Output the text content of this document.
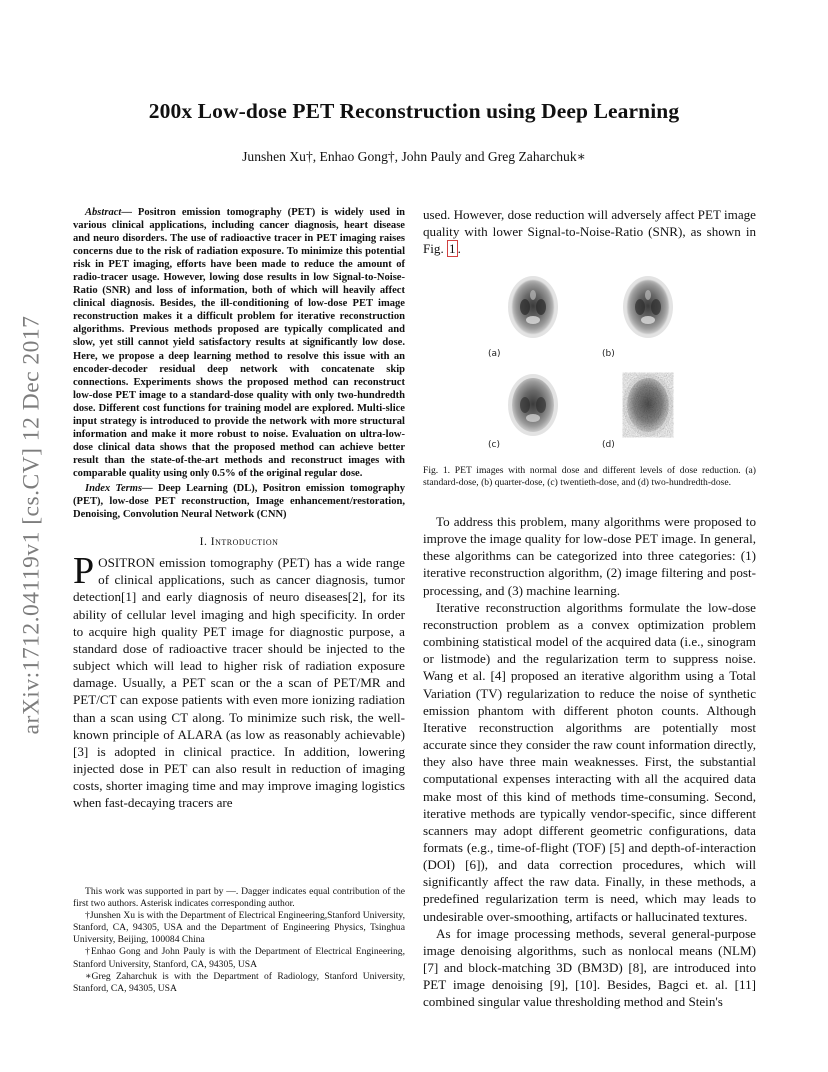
200x Low-dose PET Reconstruction using Deep Learning
Junshen Xu†, Enhao Gong†, John Pauly and Greg Zaharchuk∗
arXiv:1712.04119v1 [cs.CV] 12 Dec 2017

Abstract— Positron emission tomography (PET) is widely used in various clinical applications, including cancer diagnosis, heart disease and neuro disorders. The use of radioactive tracer in PET imaging raises concerns due to the risk of radiation exposure. To minimize this potential risk in PET imaging, efforts have been made to reduce the amount of radio-tracer usage. However, lowing dose results in low Signal-to-Noise-Ratio (SNR) and loss of information, both of which will heavily affect clinical diagnosis. Besides, the ill-conditioning of low-dose PET image reconstruction makes it a difficult problem for iterative reconstruction algorithms. Previous methods proposed are typically complicated and slow, yet still cannot yield satisfactory results at significantly low dose. Here, we propose a deep learning method to resolve this issue with an encoder-decoder residual deep network with concatenate skip connections. Experiments shows the proposed method can reconstruct low-dose PET image to a standard-dose quality with only two-hundredth dose. Different cost functions for training model are explored. Multi-slice input strategy is introduced to provide the network with more structural information and make it more robust to noise. Evaluation on ultra-low-dose clinical data shows that the proposed method can achieve better result than the state-of-the-art methods and reconstruct images with comparable quality using only 0.5% of the original regular dose.

Index Terms— Deep Learning (DL), Positron emission tomography (PET), low-dose PET reconstruction, Image enhancement/restoration, Denoising, Convolution Neural Network (CNN)

I. Introduction

POSITRON emission tomography (PET) has a wide range of clinical applications, such as cancer diagnosis, tumor detection[1] and early diagnosis of neuro diseases[2], for its ability of cellular level imaging and high specificity. In order to acquire high quality PET image for diagnostic purpose, a standard dose of radioactive tracer should be injected to the subject which will lead to higher risk of radiation exposure damage. Usually, a PET scan or the a scan of PET/MR and PET/CT can expose patients with even more ionizing radiation than a scan using CT along. To minimize such risk, the well-known principle of ALARA (as low as reasonably achievable)[3] is adopted in clinical practice. In addition, lowering injected dose in PET can also result in reduction of imaging costs, shorter imaging time and may improve imaging logistics when fast-decaying tracers are

This work was supported in part by —. Dagger indicates equal contribution of the first two authors. Asterisk indicates corresponding author.

†Junshen Xu is with the Department of Electrical Engineering,Stanford University, Stanford, CA, 94305, USA and the Department of Engineering Physics, Tsinghua University, Beijing, 100084 China

†Enhao Gong and John Pauly is with the Department of Electrical Engineering, Stanford University, Stanford, CA, 94305, USA

∗Greg Zaharchuk is with the Department of Radiology, Stanford University, Stanford, CA, 94305, USA

used. However, dose reduction will adversely affect PET image quality with lower Signal-to-Noise-Ratio (SNR), as shown in Fig. 1 .

(a)	(b)
(c)	(d)
Fig. 1. PET images with normal dose and different levels of dose reduction. (a) standard-dose, (b) quarter-dose, (c) twentieth-dose, and (d) two-hundredth-dose.

To address this problem, many algorithms were proposed to improve the image quality for low-dose PET image. In general, these algorithms can be categorized into three categories: (1) iterative reconstruction algorithm, (2) image filtering and post-processing, and (3) machine learning.

Iterative reconstruction algorithms formulate the low-dose reconstruction problem as a convex optimization problem combining statistical model of the acquired data (i.e., sinogram or listmode) and the regularization term to suppress noise. Wang et al. [4] proposed an iterative algorithm using a Total Variation (TV) regularization to reduce the noise of synthetic emission phantom with different photon counts. Although Iterative reconstruction algorithms are potentially most accurate since they consider the raw count information directly, they also have three main weaknesses. First, the substantial computational expenses interacting with all the acquired data make most of this kind of methods time-consuming. Second, iterative methods are typically vendor-specific, since different scanners may adopt different geometric configurations, data formats (e.g., time-of-flight (TOF) [5] and depth-of-interaction (DOI) [6]), and data correction procedures, which will significantly affect the raw data. Finally, in these methods, a predefined regularization term is need, which may leads to undesirable over-smoothing, artifacts or hallucinated textures.

As for image processing methods, several general-purpose image denoising algorithms, such as nonlocal means (NLM) [7] and block-matching 3D (BM3D) [8], are introduced into PET image denoising [9], [10]. Besides, Bagci et. al. [11] combined singular value thresholding method and Stein's
